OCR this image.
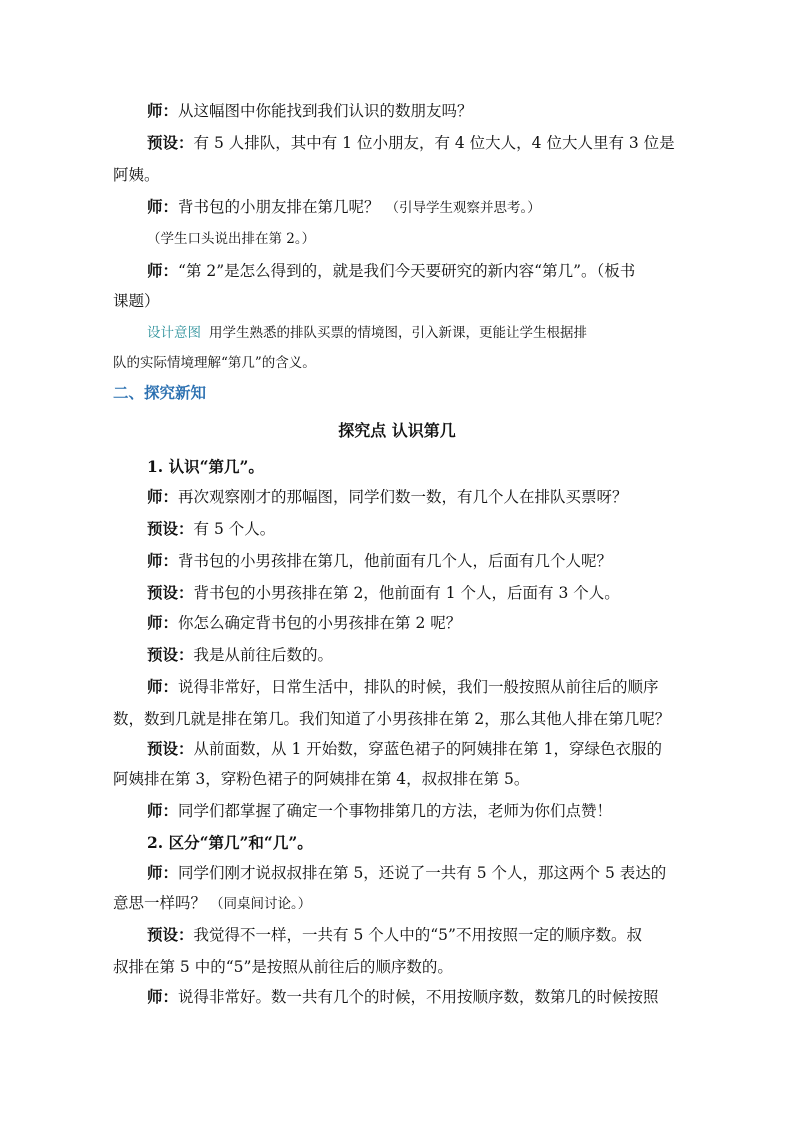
师：从这幅图中你能找到我们认识的数朋友吗？
预设：有 5 人排队，其中有 1 位小朋友，有 4 位大人，4 位大人里有 3 位是
阿姨。
师：背书包的小朋友排在第几呢？ （引导学生观察并思考。）
（学生口头说出排在第 2。）
师：“第 2”是怎么得到的，就是我们今天要研究的新内容“第几”。（板书
课题）
设计意图 用学生熟悉的排队买票的情境图，引入新课，更能让学生根据排
队的实际情境理解“第几”的含义。
二、探究新知
探究点 认识第几
1. 认识“第几”。
师：再次观察刚才的那幅图，同学们数一数，有几个人在排队买票呀？
预设：有 5 个人。
师：背书包的小男孩排在第几，他前面有几个人，后面有几个人呢？
预设：背书包的小男孩排在第 2，他前面有 1 个人，后面有 3 个人。
师：你怎么确定背书包的小男孩排在第 2 呢？
预设：我是从前往后数的。
师：说得非常好，日常生活中，排队的时候，我们一般按照从前往后的顺序
数，数到几就是排在第几。我们知道了小男孩排在第 2，那么其他人排在第几呢？
预设：从前面数，从 1 开始数，穿蓝色裙子的阿姨排在第 1，穿绿色衣服的
阿姨排在第 3，穿粉色裙子的阿姨排在第 4，叔叔排在第 5。
师：同学们都掌握了确定一个事物排第几的方法，老师为你们点赞！
2. 区分“第几”和“几”。
师：同学们刚才说叔叔排在第 5，还说了一共有 5 个人，那这两个 5 表达的
意思一样吗？ （同桌间讨论。）
预设：我觉得不一样，一共有 5 个人中的“5”不用按照一定的顺序数。叔
叔排在第 5 中的“5”是按照从前往后的顺序数的。
师：说得非常好。数一共有几个的时候，不用按顺序数，数第几的时候按照
